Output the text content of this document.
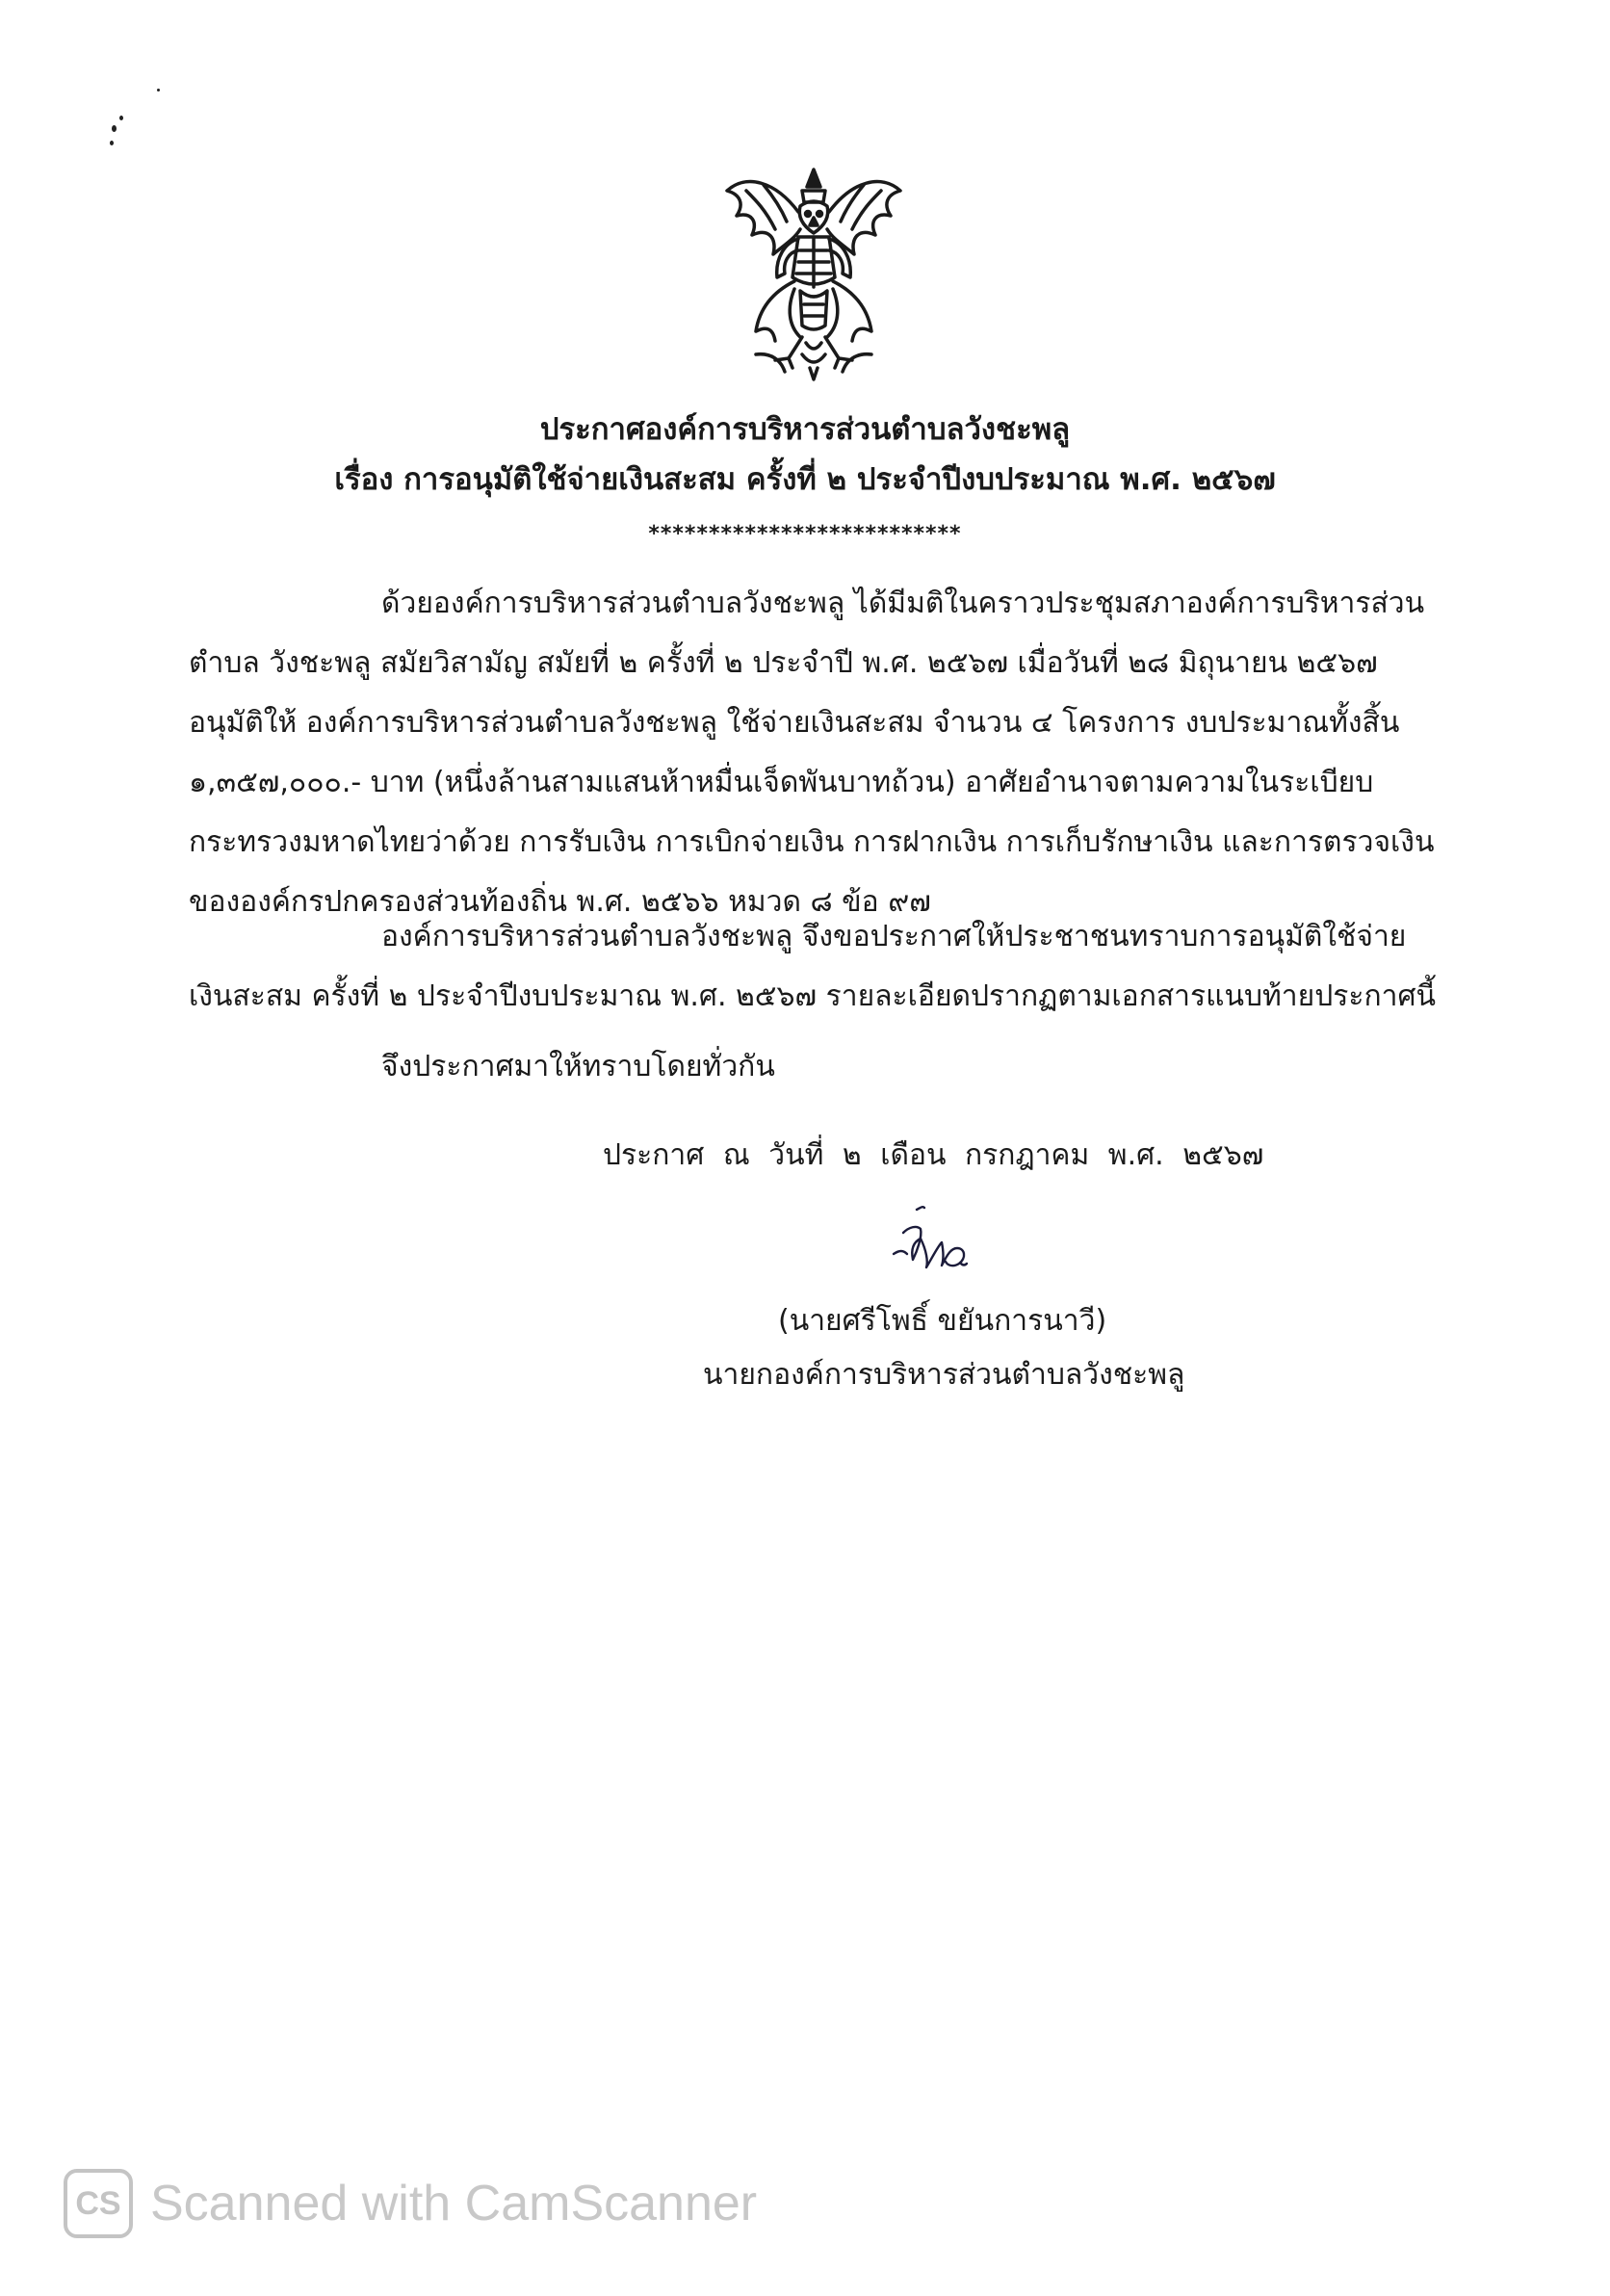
ประกาศองค์การบริหารส่วนตำบลวังชะพลู
เรื่อง การอนุมัติใช้จ่ายเงินสะสม ครั้งที่ ๒ ประจำปีงบประมาณ พ.ศ. ๒๕๖๗
**************************

ด้วยองค์การบริหารส่วนตำบลวังชะพลู ได้มีมติในคราวประชุมสภาองค์การบริหารส่วนตำบล วังชะพลู สมัยวิสามัญ สมัยที่ ๒ ครั้งที่ ๒ ประจำปี พ.ศ. ๒๕๖๗ เมื่อวันที่ ๒๘ มิถุนายน ๒๕๖๗ อนุมัติให้ องค์การบริหารส่วนตำบลวังชะพลู ใช้จ่ายเงินสะสม จำนวน ๔ โครงการ งบประมาณทั้งสิ้น ๑,๓๕๗,๐๐๐.- บาท (หนึ่งล้านสามแสนห้าหมื่นเจ็ดพันบาทถ้วน) อาศัยอำนาจตามความในระเบียบกระทรวงมหาดไทยว่าด้วย การรับเงิน การเบิกจ่ายเงิน การฝากเงิน การเก็บรักษาเงิน และการตรวจเงิน ขององค์กรปกครองส่วนท้องถิ่น พ.ศ. ๒๕๖๖ หมวด ๘ ข้อ ๙๗

องค์การบริหารส่วนตำบลวังชะพลู จึงขอประกาศให้ประชาชนทราบการอนุมัติใช้จ่ายเงินสะสม ครั้งที่ ๒ ประจำปีงบประมาณ พ.ศ. ๒๕๖๗ รายละเอียดปรากฏตามเอกสารแนบท้ายประกาศนี้

จึงประกาศมาให้ทราบโดยทั่วกัน
ประกาศ ณ วันที่ ๒ เดือน กรกฎาคม พ.ศ. ๒๕๖๗
(นายศรีโพธิ์ ขยันการนาวี)
นายกองค์การบริหารส่วนตำบลวังชะพลู
CS Scanned with CamScanner
